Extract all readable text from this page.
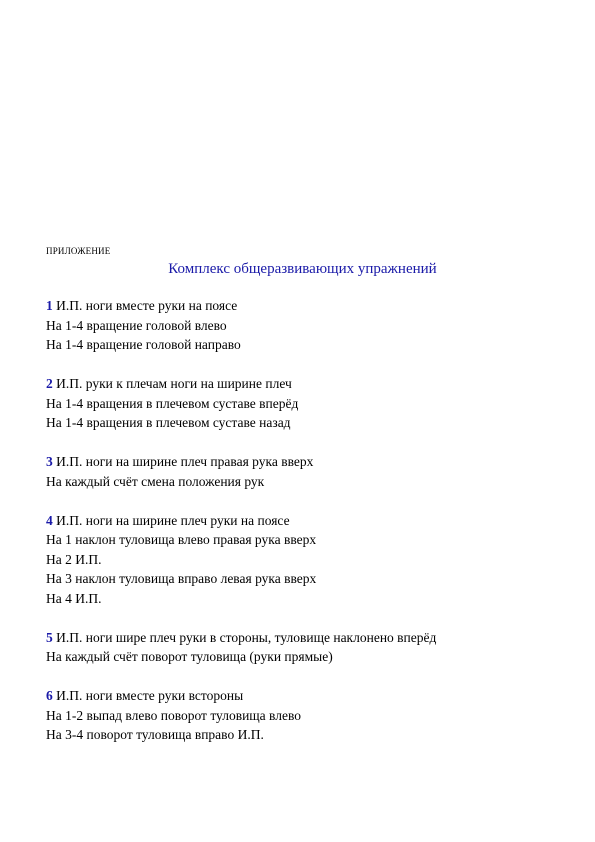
ПРИЛОЖЕНИЕ
Комплекс общеразвивающих упражнений
1 И.П. ноги вместе руки на поясе
На 1-4 вращение головой влево
На 1-4 вращение головой направо
2 И.П. руки к плечам ноги на ширине плеч
На 1-4 вращения в плечевом суставе вперёд
На 1-4 вращения в плечевом суставе назад
3 И.П. ноги на ширине плеч правая рука вверх
На каждый счёт смена положения рук
4 И.П. ноги на ширине плеч руки на поясе
На 1 наклон туловища влево правая рука вверх
На 2 И.П.
На 3 наклон туловища вправо левая рука вверх
На 4 И.П.
5 И.П. ноги шире плеч руки в стороны, туловище наклонено вперёд
На каждый счёт поворот туловища (руки прямые)
6 И.П. ноги вместе руки встороны
На 1-2 выпад влево поворот туловища влево
На 3-4 поворот туловища вправо И.П.
